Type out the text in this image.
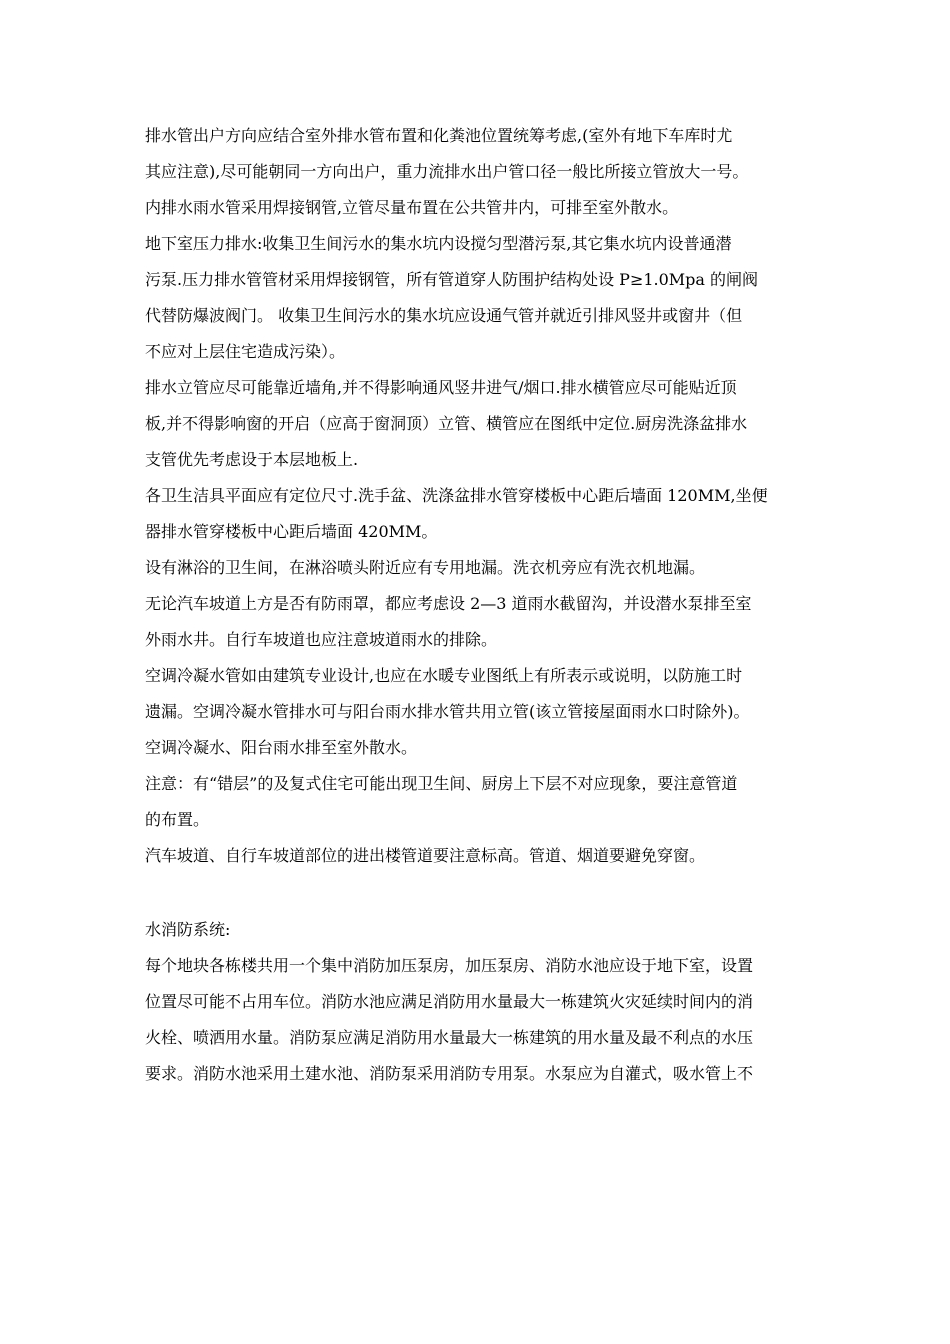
排水管出户方向应结合室外排水管布置和化粪池位置统筹考虑,(室外有地下车库时尤
其应注意),尽可能朝同一方向出户，重力流排水出户管口径一般比所接立管放大一号。
内排水雨水管采用焊接钢管,立管尽量布置在公共管井内，可排至室外散水。
地下室压力排水:收集卫生间污水的集水坑内设搅匀型潜污泵,其它集水坑内设普通潜
污泵.压力排水管管材采用焊接钢管，所有管道穿人防围护结构处设 P≥1.0Mpa 的闸阀
代替防爆波阀门。 收集卫生间污水的集水坑应设通气管并就近引排风竖井或窗井（但
不应对上层住宅造成污染）。
排水立管应尽可能靠近墙角,并不得影响通风竖井进气/烟口.排水横管应尽可能贴近顶
板,并不得影响窗的开启（应高于窗洞顶）立管、横管应在图纸中定位.厨房洗涤盆排水
支管优先考虑设于本层地板上.
各卫生洁具平面应有定位尺寸.洗手盆、洗涤盆排水管穿楼板中心距后墙面 120MM,坐便
器排水管穿楼板中心距后墙面 420MM。
设有淋浴的卫生间，在淋浴喷头附近应有专用地漏。洗衣机旁应有洗衣机地漏。
无论汽车坡道上方是否有防雨罩，都应考虑设 2—3 道雨水截留沟，并设潜水泵排至室
外雨水井。自行车坡道也应注意坡道雨水的排除。
空调冷凝水管如由建筑专业设计,也应在水暖专业图纸上有所表示或说明，以防施工时
遗漏。空调冷凝水管排水可与阳台雨水排水管共用立管(该立管接屋面雨水口时除外)。
空调冷凝水、阳台雨水排至室外散水。
注意：有“错层”的及复式住宅可能出现卫生间、厨房上下层不对应现象，要注意管道
的布置。
汽车坡道、自行车坡道部位的进出楼管道要注意标高。管道、烟道要避免穿窗。
水消防系统:
每个地块各栋楼共用一个集中消防加压泵房，加压泵房、消防水池应设于地下室，设置
位置尽可能不占用车位。消防水池应满足消防用水量最大一栋建筑火灾延续时间内的消
火栓、喷洒用水量。消防泵应满足消防用水量最大一栋建筑的用水量及最不利点的水压
要求。消防水池采用土建水池、消防泵采用消防专用泵。水泵应为自灌式，吸水管上不
